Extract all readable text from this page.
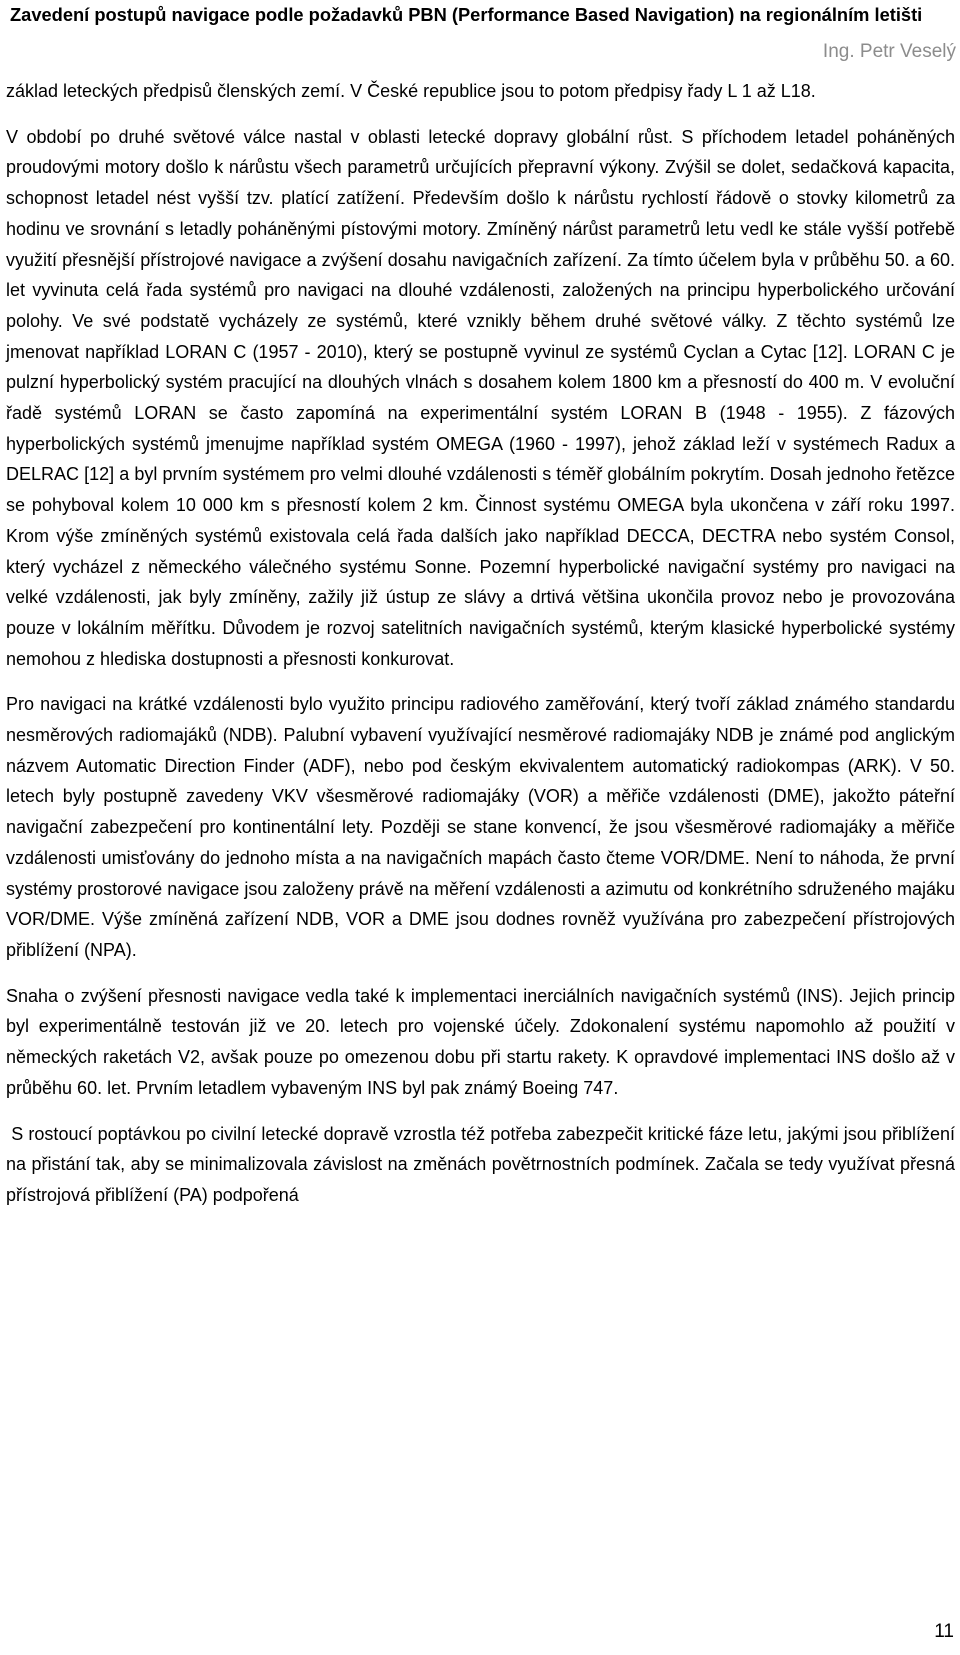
Zavedení postupů navigace podle požadavků PBN (Performance Based Navigation) na regionálním letišti
Ing. Petr Veselý

základ leteckých předpisů členských zemí. V České republice jsou to potom předpisy řady L 1 až L18.

V období po druhé světové válce nastal v oblasti letecké dopravy globální růst. S příchodem letadel poháněných proudovými motory došlo k nárůstu všech parametrů určujících přepravní výkony. Zvýšil se dolet, sedačková kapacita, schopnost letadel nést vyšší tzv. platící zatížení. Především došlo k nárůstu rychlostí řádově o stovky kilometrů za hodinu ve srovnání s letadly poháněnými pístovými motory. Zmíněný nárůst parametrů letu vedl ke stále vyšší potřebě využití přesnější přístrojové navigace a zvýšení dosahu navigačních zařízení. Za tímto účelem byla v průběhu 50. a 60. let vyvinuta celá řada systémů pro navigaci na dlouhé vzdálenosti, založených na principu hyperbolického určování polohy. Ve své podstatě vycházely ze systémů, které vznikly během druhé světové války. Z těchto systémů lze jmenovat například LORAN C (1957 - 2010), který se postupně vyvinul ze systémů Cyclan a Cytac [12]. LORAN C je pulzní hyperbolický systém pracující na dlouhých vlnách s dosahem kolem 1800 km a přesností do 400 m. V evoluční řadě systémů LORAN se často zapomíná na experimentální systém LORAN B (1948 - 1955). Z fázových hyperbolických systémů jmenujme například systém OMEGA (1960 - 1997), jehož základ leží v systémech Radux a DELRAC [12] a byl prvním systémem pro velmi dlouhé vzdálenosti s téměř globálním pokrytím. Dosah jednoho řetězce se pohyboval kolem 10 000 km s přesností kolem 2 km. Činnost systému OMEGA byla ukončena v září roku 1997. Krom výše zmíněných systémů existovala celá řada dalších jako například DECCA, DECTRA nebo systém Consol, který vycházel z německého válečného systému Sonne. Pozemní hyperbolické navigační systémy pro navigaci na velké vzdálenosti, jak byly zmíněny, zažily již ústup ze slávy a drtivá většina ukončila provoz nebo je provozována pouze v lokálním měřítku. Důvodem je rozvoj satelitních navigačních systémů, kterým klasické hyperbolické systémy nemohou z hlediska dostupnosti a přesnosti konkurovat.

Pro navigaci na krátké vzdálenosti bylo využito principu radiového zaměřování, který tvoří základ známého standardu nesměrových radiomajáků (NDB). Palubní vybavení využívající nesměrové radiomajáky NDB je známé pod anglickým názvem Automatic Direction Finder (ADF), nebo pod českým ekvivalentem automatický radiokompas (ARK). V 50. letech byly postupně zavedeny VKV všesměrové radiomajáky (VOR) a měřiče vzdálenosti (DME), jakožto páteřní navigační zabezpečení pro kontinentální lety. Později se stane konvencí, že jsou všesměrové radiomajáky a měřiče vzdálenosti umisťovány do jednoho místa a na navigačních mapách často čteme VOR/DME. Není to náhoda, že první systémy prostorové navigace jsou založeny právě na měření vzdálenosti a azimutu od konkrétního sdruženého majáku VOR/DME. Výše zmíněná zařízení NDB, VOR a DME jsou dodnes rovněž využívána pro zabezpečení přístrojových přiblížení (NPA).

Snaha o zvýšení přesnosti navigace vedla také k implementaci inerciálních navigačních systémů (INS). Jejich princip byl experimentálně testován již ve 20. letech pro vojenské účely. Zdokonalení systému napomohlo až použití v německých raketách V2, avšak pouze po omezenou dobu při startu rakety. K opravdové implementaci INS došlo až v průběhu 60. let. Prvním letadlem vybaveným INS byl pak známý Boeing 747.

S rostoucí poptávkou po civilní letecké dopravě vzrostla též potřeba zabezpečit kritické fáze letu, jakými jsou přiblížení na přistání tak, aby se minimalizovala závislost na změnách povětrnostních podmínek. Začala se tedy využívat přesná přístrojová přiblížení (PA) podpořená

11
